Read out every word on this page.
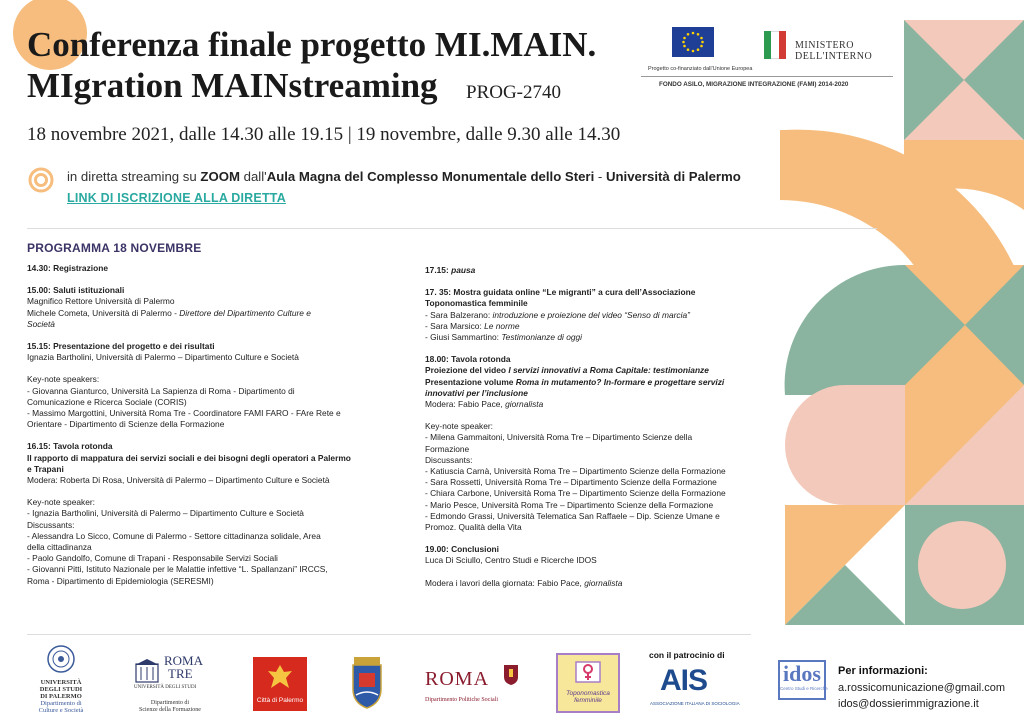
Conferenza finale progetto MI.MAIN.
MIgration MAINstreaming PROG-2740
18 novembre 2021, dalle 14.30 alle 19.15 | 19 novembre, dalle 9.30 alle 14.30
Progetto co-finanziato dall'Unione Europea
MINISTERO
DELL'INTERNO
FONDO ASILO, MIGRAZIONE INTEGRAZIONE (FAMI) 2014-2020
in diretta streaming su ZOOM dall'Aula Magna del Complesso Monumentale dello Steri - Università di Palermo
LINK DI ISCRIZIONE ALLA DIRETTA
PROGRAMMA 18 NOVEMBRE
14.30: Registrazione
15.00: Saluti istituzionali
Magnifico Rettore Università di Palermo
Michele Cometa, Università di Palermo - Direttore del Dipartimento Culture e
Società
15.15: Presentazione del progetto e dei risultati
Ignazia Bartholini, Università di Palermo – Dipartimento Culture e Società
Key-note speakers:
- Giovanna Gianturco, Università La Sapienza di Roma - Dipartimento di
Comunicazione e Ricerca Sociale (CORIS)
- Massimo Margottini, Università Roma Tre - Coordinatore FAMI FARO - FAre Rete e
Orientare - Dipartimento di Scienze della Formazione
16.15: Tavola rotonda
Il rapporto di mappatura dei servizi sociali e dei bisogni degli operatori a Palermo
e Trapani
Modera: Roberta Di Rosa, Università di Palermo – Dipartimento Culture e Società
Key-note speaker:
- Ignazia Bartholini, Università di Palermo – Dipartimento Culture e Società
Discussants:
- Alessandra Lo Sicco, Comune di Palermo - Settore cittadinanza solidale, Area
della cittadinanza
- Paolo Gandolfo, Comune di Trapani - Responsabile Servizi Sociali
- Giovanni Pitti, Istituto Nazionale per le Malattie infettive “L. Spallanzani” IRCCS,
Roma - Dipartimento di Epidemiologia (SERESMI)
17.15: pausa
17. 35: Mostra guidata online “Le migranti” a cura dell’Associazione
Toponomastica femminile
- Sara Balzerano: introduzione e proiezione del video “Senso di marcia”
- Sara Marsico: Le norme
- Giusi Sammartino: Testimonianze di oggi
18.00: Tavola rotonda
Proiezione del video I servizi innovativi a Roma Capitale: testimonianze
Presentazione volume Roma in mutamento? In-formare e progettare servizi
innovativi per l’inclusione
Modera: Fabio Pace, giornalista
Key-note speaker:
- Milena Gammaitoni, Università Roma Tre – Dipartimento Scienze della
Formazione
Discussants:
- Katiuscia Carnà, Università Roma Tre – Dipartimento Scienze della Formazione
- Sara Rossetti, Università Roma Tre – Dipartimento Scienze della Formazione
- Chiara Carbone, Università Roma Tre – Dipartimento Scienze della Formazione
- Mario Pesce, Università Roma Tre – Dipartimento Scienze della Formazione
- Edmondo Grassi, Università Telematica San Raffaele – Dip. Scienze Umane e
Promoz. Qualità della Vita
19.00: Conclusioni
Luca Di Sciullo, Centro Studi e Ricerche IDOS
Modera i lavori della giornata: Fabio Pace, giornalista
UNIVERSITÀ
DEGLI STUDI
DI PALERMO
Dipartimento di
Culture e Società
ROMA
TRE
UNIVERSITÀ DEGLI STUDI
Dipartimento di
Scienze della Formazione
Città di Palermo
ROMA
Dipartimento Politiche Sociali
Toponomastica
femminile
con il patrocinio di
AIS
ASSOCIAZIONE ITALIANA DI SOCIOLOGIA
idos
Centro Studi e Ricerche
Per informazioni:
a.rossicomunicazione@gmail.com
idos@dossierimmigrazione.it
